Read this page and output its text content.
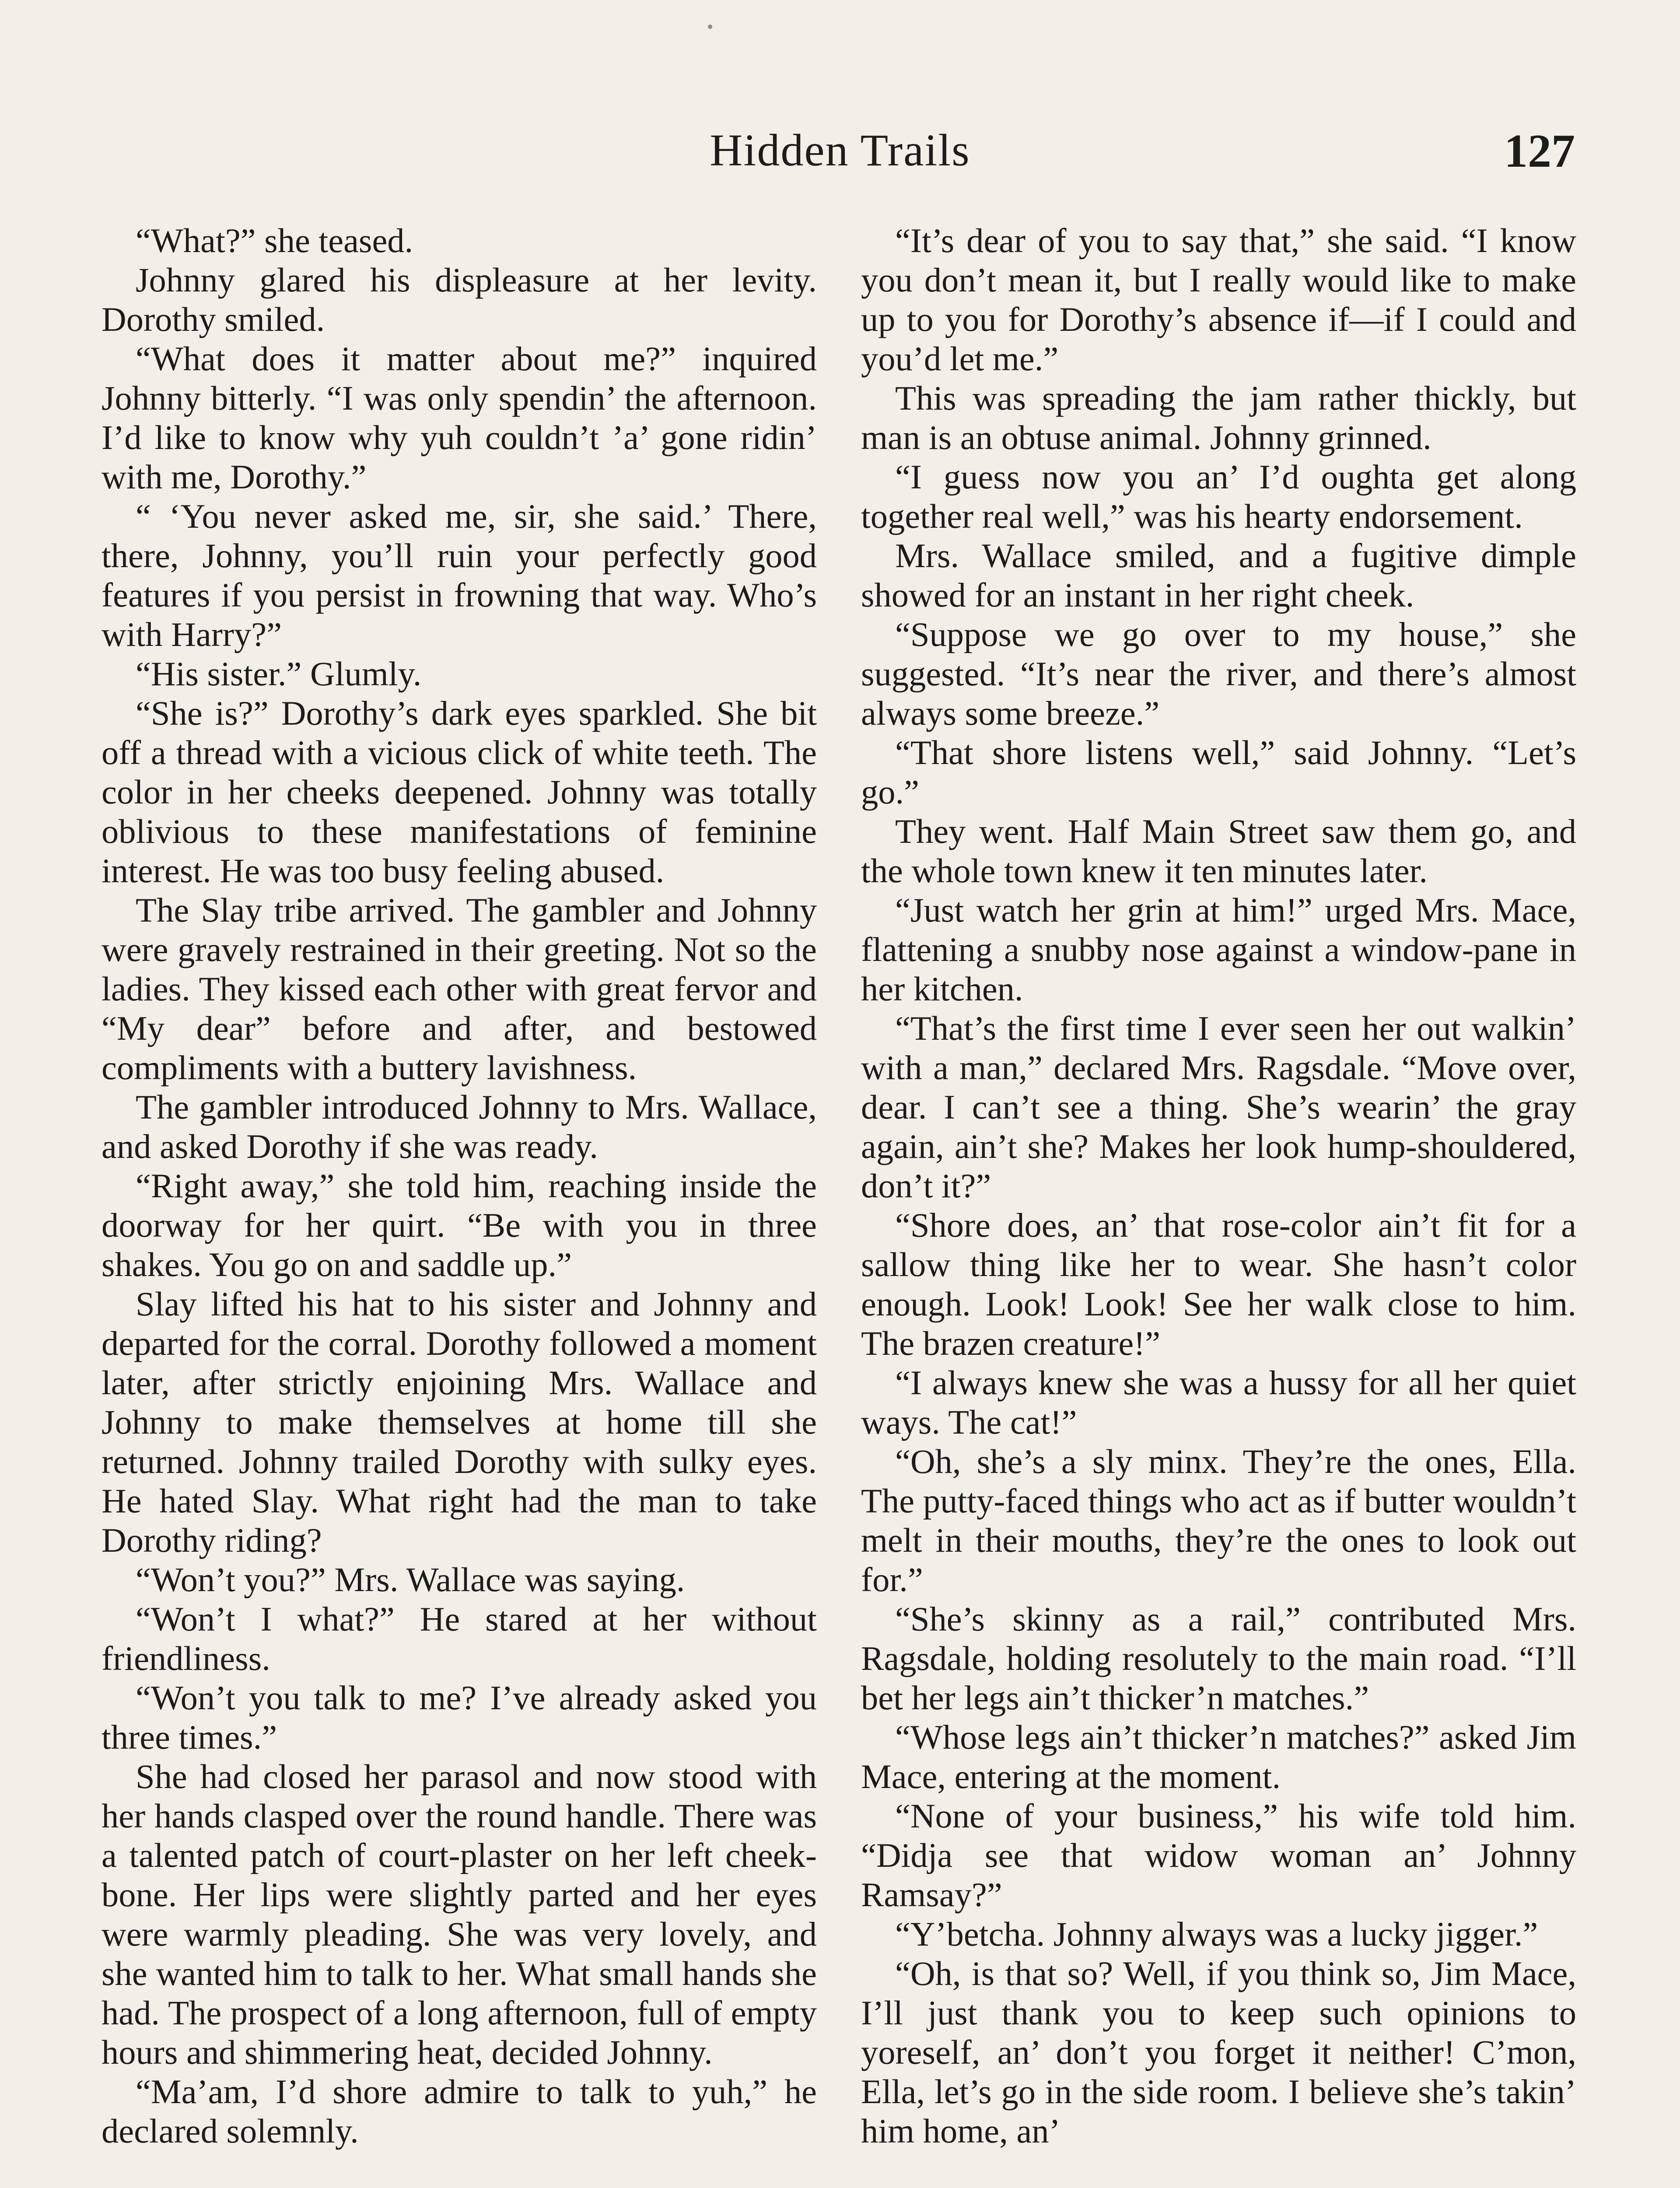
Hidden Trails	127

“What?” she teased.

Johnny glared his displeasure at her levity. Dorothy smiled.

“What does it matter about me?” inquired Johnny bitterly. “I was only spendin’ the afternoon. I’d like to know why yuh couldn’t ’a’ gone ridin’ with me, Dorothy.”

“ ‘You never asked me, sir, she said.’ There, there, Johnny, you’ll ruin your perfectly good features if you persist in frowning that way. Who’s with Harry?”

“His sister.” Glumly.

“She is?” Dorothy’s dark eyes sparkled. She bit off a thread with a vicious click of white teeth. The color in her cheeks deepened. Johnny was totally oblivious to these manifestations of feminine interest. He was too busy feeling abused.

The Slay tribe arrived. The gambler and Johnny were gravely restrained in their greeting. Not so the ladies. They kissed each other with great fervor and “My dear” before and after, and bestowed compliments with a buttery lavishness.

The gambler introduced Johnny to Mrs. Wallace, and asked Dorothy if she was ready.

“Right away,” she told him, reaching inside the doorway for her quirt. “Be with you in three shakes. You go on and saddle up.”

Slay lifted his hat to his sister and Johnny and departed for the corral. Dorothy followed a moment later, after strictly enjoining Mrs. Wallace and Johnny to make themselves at home till she returned. Johnny trailed Dorothy with sulky eyes. He hated Slay. What right had the man to take Dorothy riding?

“Won’t you?” Mrs. Wallace was saying.

“Won’t I what?” He stared at her without friendliness.

“Won’t you talk to me? I’ve already asked you three times.”

She had closed her parasol and now stood with her hands clasped over the round handle. There was a talented patch of court-plaster on her left cheek-bone. Her lips were slightly parted and her eyes were warmly pleading. She was very lovely, and she wanted him to talk to her. What small hands she had. The prospect of a long afternoon, full of empty hours and shimmering heat, decided Johnny.

“Ma’am, I’d shore admire to talk to yuh,” he declared solemnly.

“It’s dear of you to say that,” she said. “I know you don’t mean it, but I really would like to make up to you for Dorothy’s absence if—if I could and you’d let me.”

This was spreading the jam rather thickly, but man is an obtuse animal. Johnny grinned.

“I guess now you an’ I’d oughta get along together real well,” was his hearty endorsement.

Mrs. Wallace smiled, and a fugitive dimple showed for an instant in her right cheek.

“Suppose we go over to my house,” she suggested. “It’s near the river, and there’s almost always some breeze.”

“That shore listens well,” said Johnny. “Let’s go.”

They went. Half Main Street saw them go, and the whole town knew it ten minutes later.

“Just watch her grin at him!” urged Mrs. Mace, flattening a snubby nose against a window-pane in her kitchen.

“That’s the first time I ever seen her out walkin’ with a man,” declared Mrs. Ragsdale. “Move over, dear. I can’t see a thing. She’s wearin’ the gray again, ain’t she? Makes her look hump-shouldered, don’t it?”

“Shore does, an’ that rose-color ain’t fit for a sallow thing like her to wear. She hasn’t color enough. Look! Look! See her walk close to him. The brazen creature!”

“I always knew she was a hussy for all her quiet ways. The cat!”

“Oh, she’s a sly minx. They’re the ones, Ella. The putty-faced things who act as if butter wouldn’t melt in their mouths, they’re the ones to look out for.”

“She’s skinny as a rail,” contributed Mrs. Ragsdale, holding resolutely to the main road. “I’ll bet her legs ain’t thicker’n matches.”

“Whose legs ain’t thicker’n matches?” asked Jim Mace, entering at the moment.

“None of your business,” his wife told him. “Didja see that widow woman an’ Johnny Ramsay?”

“Y’betcha. Johnny always was a lucky jigger.”

“Oh, is that so? Well, if you think so, Jim Mace, I’ll just thank you to keep such opinions to yoreself, an’ don’t you forget it neither! C’mon, Ella, let’s go in the side room. I believe she’s takin’ him home, an’
